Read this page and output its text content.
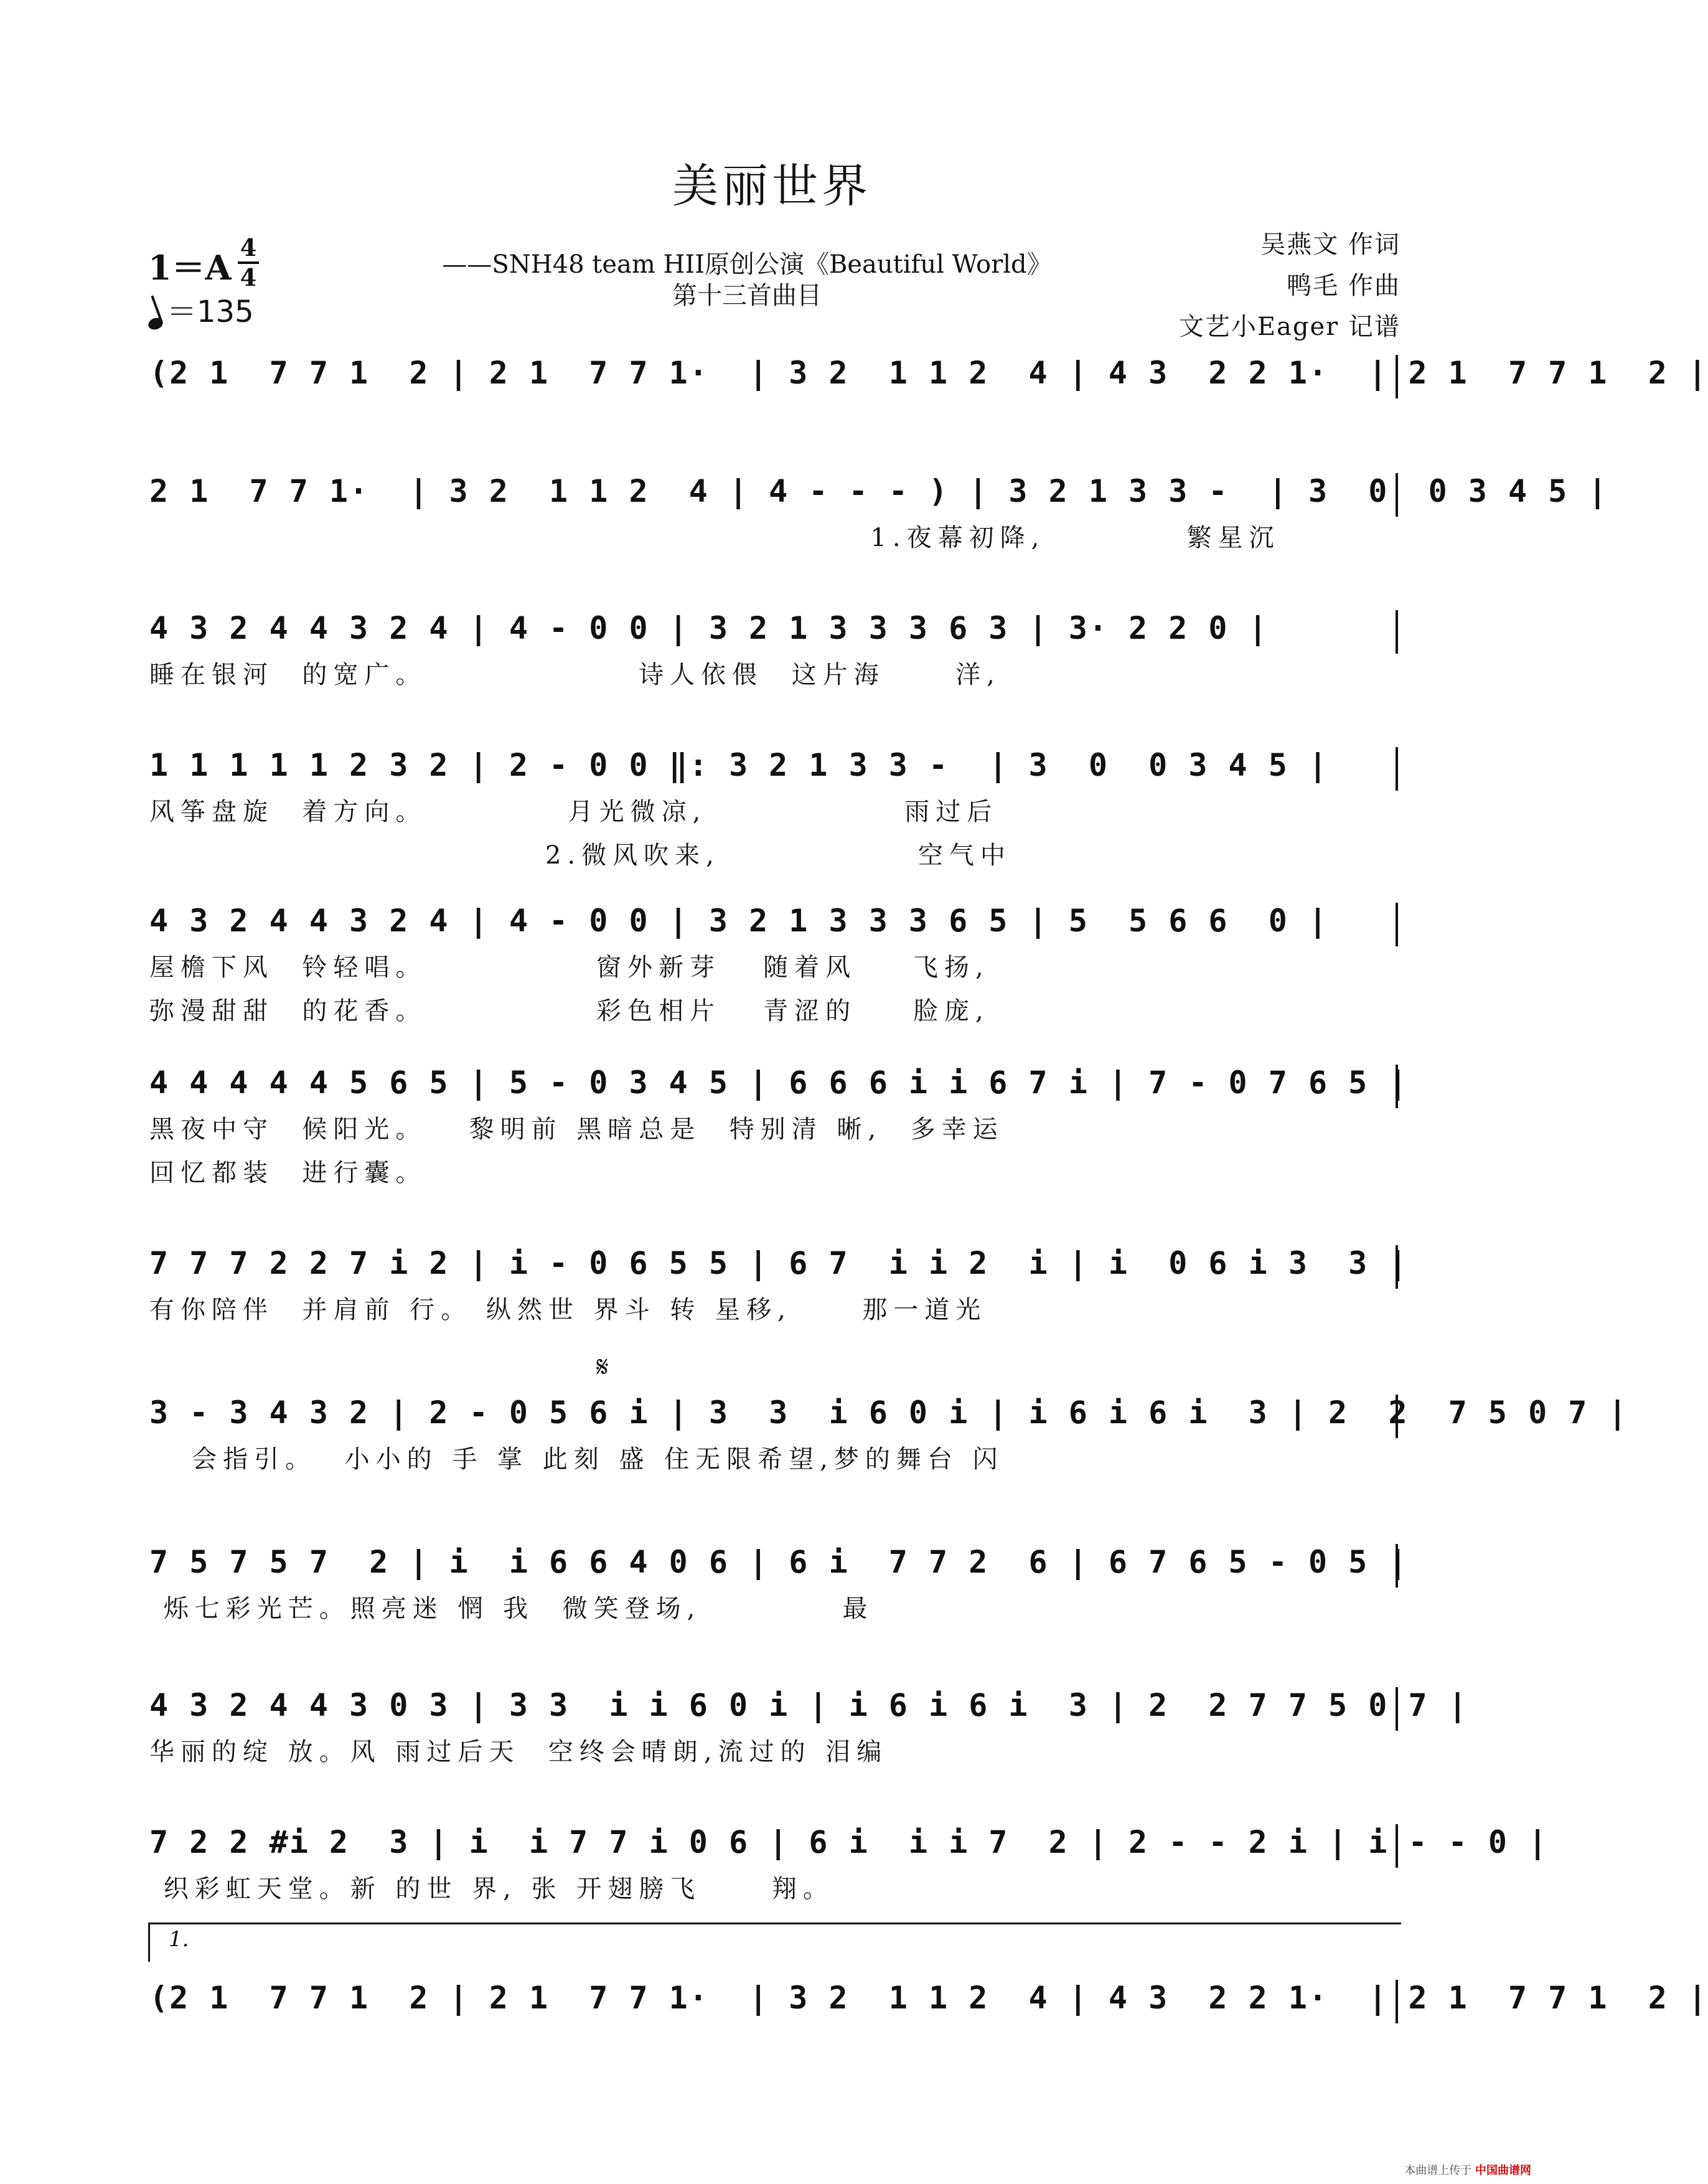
美丽世界
1＝A
4
4
＝135
——SNH48 team HII原创公演《Beautiful World》
第十三首曲目
吴燕文 作词
鸭毛 作曲
文艺小Eager 记谱
(2 1  7 7 1  2 | 2 1  7 7 1·  | 3 2  1 1 2  4 | 4 3  2 2 1·  | 2 1  7 7 1  2 |
2 1  7 7 1·  | 3 2  1 1 2  4 | 4 - - - ) | 3 2 1 3 3 -  | 3  0  0 3 4 5 |
1.夜幕初降,          繁星沉
4 3 2 4 4 3 2 4 | 4 - 0 0 | 3 2 1 3 3 3 6 3 | 3· 2 2 0 |
睡在银河  的宽广。               诗人依偎  这片海     洋,
1 1 1 1 1 2 3 2 | 2 - 0 0 ‖: 3 2 1 3 3 -  | 3  0  0 3 4 5 |
风筝盘旋  着方向。          月光微凉,              雨过后
2.微风吹来,              空气中
4 3 2 4 4 3 2 4 | 4 - 0 0 | 3 2 1 3 3 3 6 5 | 5  5 6 6  0 |
屋檐下风  铃轻唱。            窗外新芽   随着风    飞扬,
弥漫甜甜  的花香。            彩色相片   青涩的    脸庞,
4 4 4 4 4 5 6 5 | 5 - 0 3 4 5 | 6 6 6 i i 6 7 i | 7 - 0 7 6 5 |
黑夜中守  候阳光。   黎明前 黑暗总是  特别清 晰,  多幸运
回忆都装  进行囊。
7 7 7 2 2 7 i 2 | i - 0 6 5 5 | 6 7  i i 2  i | i  0 6 i 3  3 |
有你陪伴  并肩前 行。 纵然世 界斗 转 星移,     那一道光
3 - 3 4 3 2 | 2 - 0 5 6 i | 3  3  i 6 0 i | i 6 i 6 i  3 | 2  2  7 5 0 7 |
会指引。  小小的 手 掌 此刻 盛 住无限希望,梦的舞台 闪
7 5 7 5 7  2 | i  i 6 6 4 0 6 | 6 i  7 7 2  6 | 6 7 6 5 - 0 5 |
烁七彩光芒。照亮迷 惘 我  微笑登场,          最
4 3 2 4 4 3 0 3 | 3 3  i i 6 0 i | i 6 i 6 i  3 | 2  2 7 7 5 0 7 |
华丽的绽 放。风 雨过后天  空终会晴朗,流过的 泪编
7 2 2 #i 2  3 | i  i 7 7 i 0 6 | 6 i  i i 7  2 | 2 - - 2 i | i - - 0 |
织彩虹天堂。新 的世 界, 张 开翅膀飞     翔。
1.
(2 1  7 7 1  2 | 2 1  7 7 1·  | 3 2  1 1 2  4 | 4 3  2 2 1·  | 2 1  7 7 1  2 |
𝄋
本曲谱上传于 中国曲谱网
